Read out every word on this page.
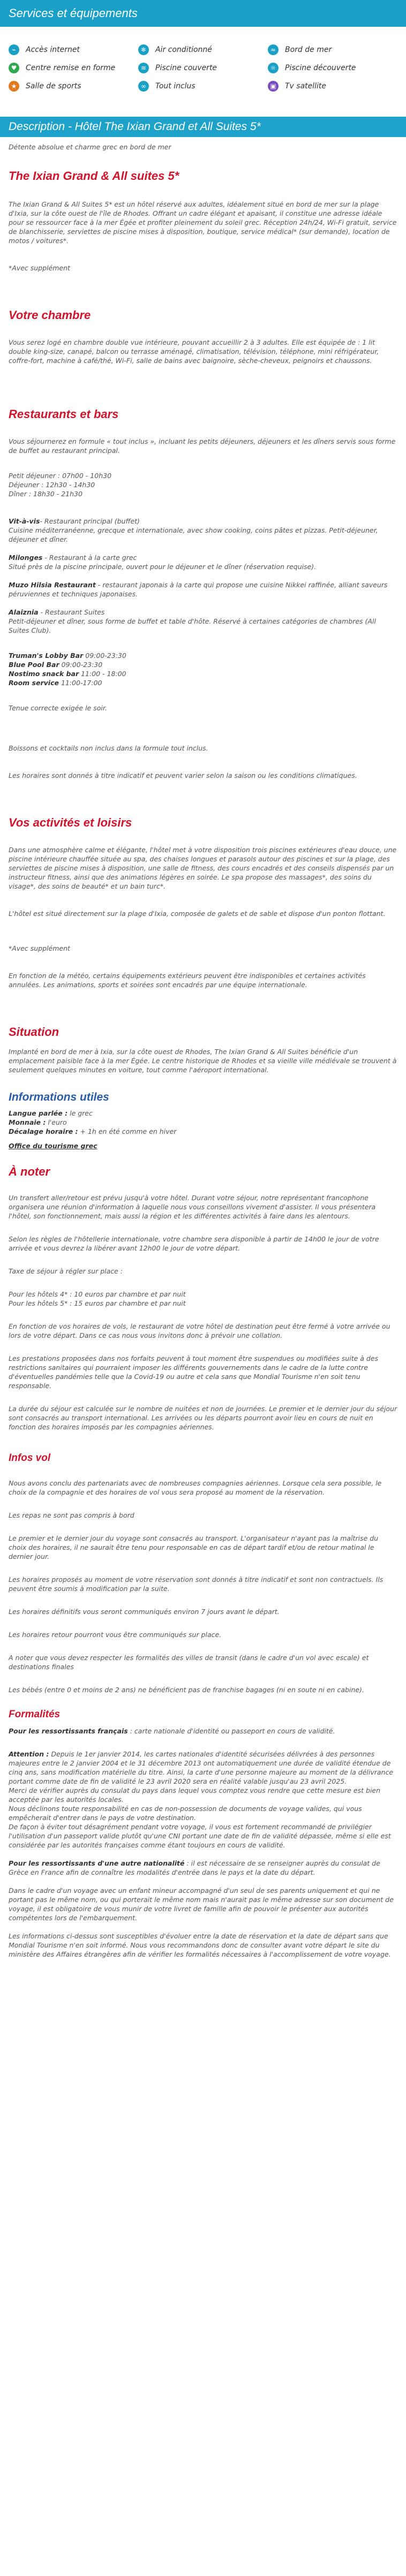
Services et équipements
⌁	Accès internet	❄	Air conditionné	≈	Bord de mer
♥	Centre remise en forme	≋	Piscine couverte	☼	Piscine découverte
★	Salle de sports	∞	Tout inclus	▣	Tv satellite
Description - Hôtel The Ixian Grand et All Suites 5*

Détente absolue et charme grec en bord de mer

The Ixian Grand & All suites 5*

The Ixian Grand & All Suites 5* est un hôtel réservé aux adultes, idéalement situé en bord de mer sur la plage d'Ixia, sur la côte ouest de l'île de Rhodes. Offrant un cadre élégant et apaisant, il constitue une adresse idéale pour se ressourcer face à la mer Égée et profiter pleinement du soleil grec. Réception 24h/24, Wi-Fi gratuit, service de blanchisserie, serviettes de piscine mises à disposition, boutique, service médical* (sur demande), location de motos / voitures*.

*Avec supplément

Votre chambre

Vous serez logé en chambre double vue intérieure, pouvant accueillir 2 à 3 adultes. Elle est équipée de : 1 lit double king-size, canapé, balcon ou terrasse aménagé, climatisation, télévision, téléphone, mini réfrigérateur, coffre-fort, machine à café/thé, Wi-Fi, salle de bains avec baignoire, sèche-cheveux, peignoirs et chaussons.

Restaurants et bars

Vous séjournerez en formule « tout inclus », incluant les petits déjeuners, déjeuners et les dîners servis sous forme de buffet au restaurant principal.

Petit déjeuner : 07h00 - 10h30

Déjeuner : 12h30 - 14h30

Dîner : 18h30 - 21h30

Vit-à-vis- Restaurant principal (buffet)

Cuisine méditerranéenne, grecque et internationale, avec show cooking, coins pâtes et pizzas. Petit-déjeuner, déjeuner et dîner.

Milonges - Restaurant à la carte grec

Situé près de la piscine principale, ouvert pour le déjeuner et le dîner (réservation requise).

Muzo Hilsia Restaurant - restaurant japonais à la carte qui propose une cuisine Nikkei raffinée, alliant saveurs péruviennes et techniques japonaises.

Alaiznia - Restaurant Suites

Petit-déjeuner et dîner, sous forme de buffet et table d'hôte. Réservé à certaines catégories de chambres (All Suites Club).

Truman's Lobby Bar 09:00-23:30

Blue Pool Bar 09:00-23:30

Nostimo snack bar 11:00 - 18:00

Room service 11:00-17:00

Tenue correcte exigée le soir.

Boissons et cocktails non inclus dans la formule tout inclus.

Les horaires sont donnés à titre indicatif et peuvent varier selon la saison ou les conditions climatiques.

Vos activités et loisirs

Dans une atmosphère calme et élégante, l'hôtel met à votre disposition trois piscines extérieures d'eau douce, une piscine intérieure chauffée située au spa, des chaises longues et parasols autour des piscines et sur la plage, des serviettes de piscine mises à disposition, une salle de fitness, des cours encadrés et des conseils dispensés par un instructeur fitness, ainsi que des animations légères en soirée. Le spa propose des massages*, des soins du visage*, des soins de beauté* et un bain turc*.

L'hôtel est situé directement sur la plage d'Ixia, composée de galets et de sable et dispose d'un ponton flottant.

*Avec supplément

En fonction de la météo, certains équipements extérieurs peuvent être indisponibles et certaines activités annulées. Les animations, sports et soirées sont encadrés par une équipe internationale.

Situation

Implanté en bord de mer à Ixia, sur la côte ouest de Rhodes, The Ixian Grand & All Suites bénéficie d'un emplacement paisible face à la mer Égée. Le centre historique de Rhodes et sa vieille ville médiévale se trouvent à seulement quelques minutes en voiture, tout comme l'aéroport international.

Informations utiles

Langue parlée : le grec

Monnaie : l'euro

Décalage horaire : + 1h en été comme en hiver

Office du tourisme grec

À noter

Un transfert aller/retour est prévu jusqu'à votre hôtel. Durant votre séjour, notre représentant francophone organisera une réunion d'information à laquelle nous vous conseillons vivement d'assister. Il vous présentera l'hôtel, son fonctionnement, mais aussi la région et les différentes activités à faire dans les alentours.

Selon les règles de l'hôtellerie internationale, votre chambre sera disponible à partir de 14h00 le jour de votre arrivée et vous devrez la libérer avant 12h00 le jour de votre départ.

Taxe de séjour à régler sur place :

Pour les hôtels 4* : 10 euros par chambre et par nuit
Pour les hôtels 5* : 15 euros par chambre et par nuit

En fonction de vos horaires de vols, le restaurant de votre hôtel de destination peut être fermé à votre arrivée ou lors de votre départ. Dans ce cas nous vous invitons donc à prévoir une collation.

Les prestations proposées dans nos forfaits peuvent à tout moment être suspendues ou modifiées suite à des restrictions sanitaires qui pourraient imposer les différents gouvernements dans le cadre de la lutte contre d'éventuelles pandémies telle que la Covid-19 ou autre et cela sans que Mondial Tourisme n'en soit tenu responsable.

La durée du séjour est calculée sur le nombre de nuitées et non de journées. Le premier et le dernier jour du séjour sont consacrés au transport international. Les arrivées ou les départs pourront avoir lieu en cours de nuit en fonction des horaires imposés par les compagnies aériennes.

Infos vol

Nous avons conclu des partenariats avec de nombreuses compagnies aériennes. Lorsque cela sera possible, le choix de la compagnie et des horaires de vol vous sera proposé au moment de la réservation.

Les repas ne sont pas compris à bord

Le premier et le dernier jour du voyage sont consacrés au transport. L'organisateur n'ayant pas la maîtrise du choix des horaires, il ne saurait être tenu pour responsable en cas de départ tardif et/ou de retour matinal le dernier jour.

Les horaires proposés au moment de votre réservation sont donnés à titre indicatif et sont non contractuels. Ils peuvent être soumis à modification par la suite.

Les horaires définitifs vous seront communiqués environ 7 jours avant le départ.

Les horaires retour pourront vous être communiqués sur place.

A noter que vous devez respecter les formalités des villes de transit (dans le cadre d'un vol avec escale) et destinations finales

Les bébés (entre 0 et moins de 2 ans) ne bénéficient pas de franchise bagages (ni en soute ni en cabine).

Formalités

Pour les ressortissants français : carte nationale d'identité ou passeport en cours de validité.

Attention : Depuis le 1er janvier 2014, les cartes nationales d'identité sécurisées délivrées à des personnes majeures entre le 2 janvier 2004 et le 31 décembre 2013 ont automatiquement une durée de validité étendue de cinq ans, sans modification matérielle du titre. Ainsi, la carte d'une personne majeure au moment de la délivrance portant comme date de fin de validité le 23 avril 2020 sera en réalité valable jusqu'au 23 avril 2025.

Merci de vérifier auprès du consulat du pays dans lequel vous comptez vous rendre que cette mesure est bien acceptée par les autorités locales.

Nous déclinons toute responsabilité en cas de non-possession de documents de voyage valides, qui vous empêcherait d'entrer dans le pays de votre destination.

De façon à éviter tout désagrément pendant votre voyage, il vous est fortement recommandé de privilégier l'utilisation d'un passeport valide plutôt qu'une CNI portant une date de fin de validité dépassée, même si elle est considérée par les autorités françaises comme étant toujours en cours de validité.

Pour les ressortissants d'une autre nationalité : il est nécessaire de se renseigner auprès du consulat de Grèce en France afin de connaître les modalités d'entrée dans le pays et la date du départ.

Dans le cadre d'un voyage avec un enfant mineur accompagné d'un seul de ses parents uniquement et qui ne portant pas le même nom, ou qui porterait le même nom mais n'aurait pas le même adresse sur son document de voyage, il est obligatoire de vous munir de votre livret de famille afin de pouvoir le présenter aux autorités compétentes lors de l'embarquement.

Les informations ci-dessus sont susceptibles d'évoluer entre la date de réservation et la date de départ sans que Mondial Tourisme n'en soit informé. Nous vous recommandons donc de consulter avant votre départ le site du ministère des Affaires étrangères afin de vérifier les formalités nécessaires à l'accomplissement de votre voyage.
